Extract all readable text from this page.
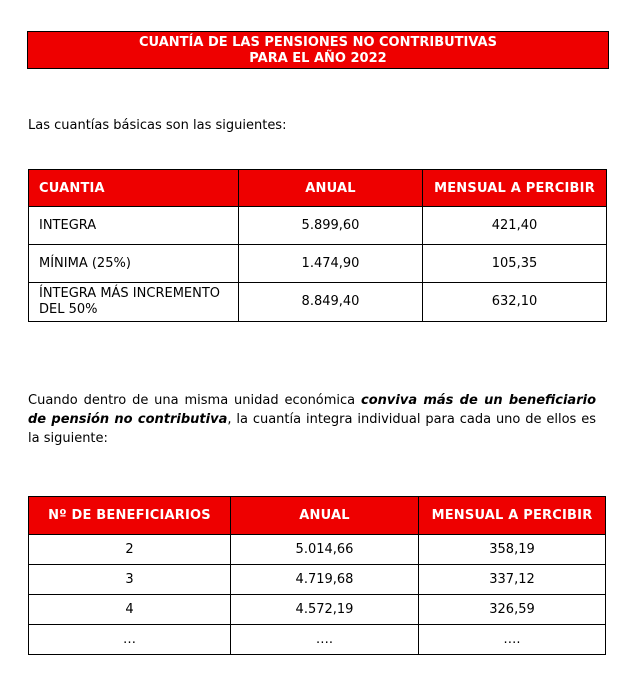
CUANTÍA DE LAS PENSIONES NO CONTRIBUTIVAS
PARA EL AÑO 2022

Las cuantías básicas son las siguientes:

CUANTIA	ANUAL	MENSUAL A PERCIBIR
INTEGRA	5.899,60	421,40
MÍNIMA (25%)	1.474,90	105,35
ÍNTEGRA MÁS INCREMENTO DEL 50%	8.849,40	632,10

Cuando dentro de una misma unidad económica conviva más de un beneficiario de pensión no contributiva, la cuantía integra individual para cada uno de ellos es la siguiente:

Nº DE BENEFICIARIOS	ANUAL	MENSUAL A PERCIBIR
2	5.014,66	358,19
3	4.719,68	337,12
4	4.572,19	326,59
…	….	….
